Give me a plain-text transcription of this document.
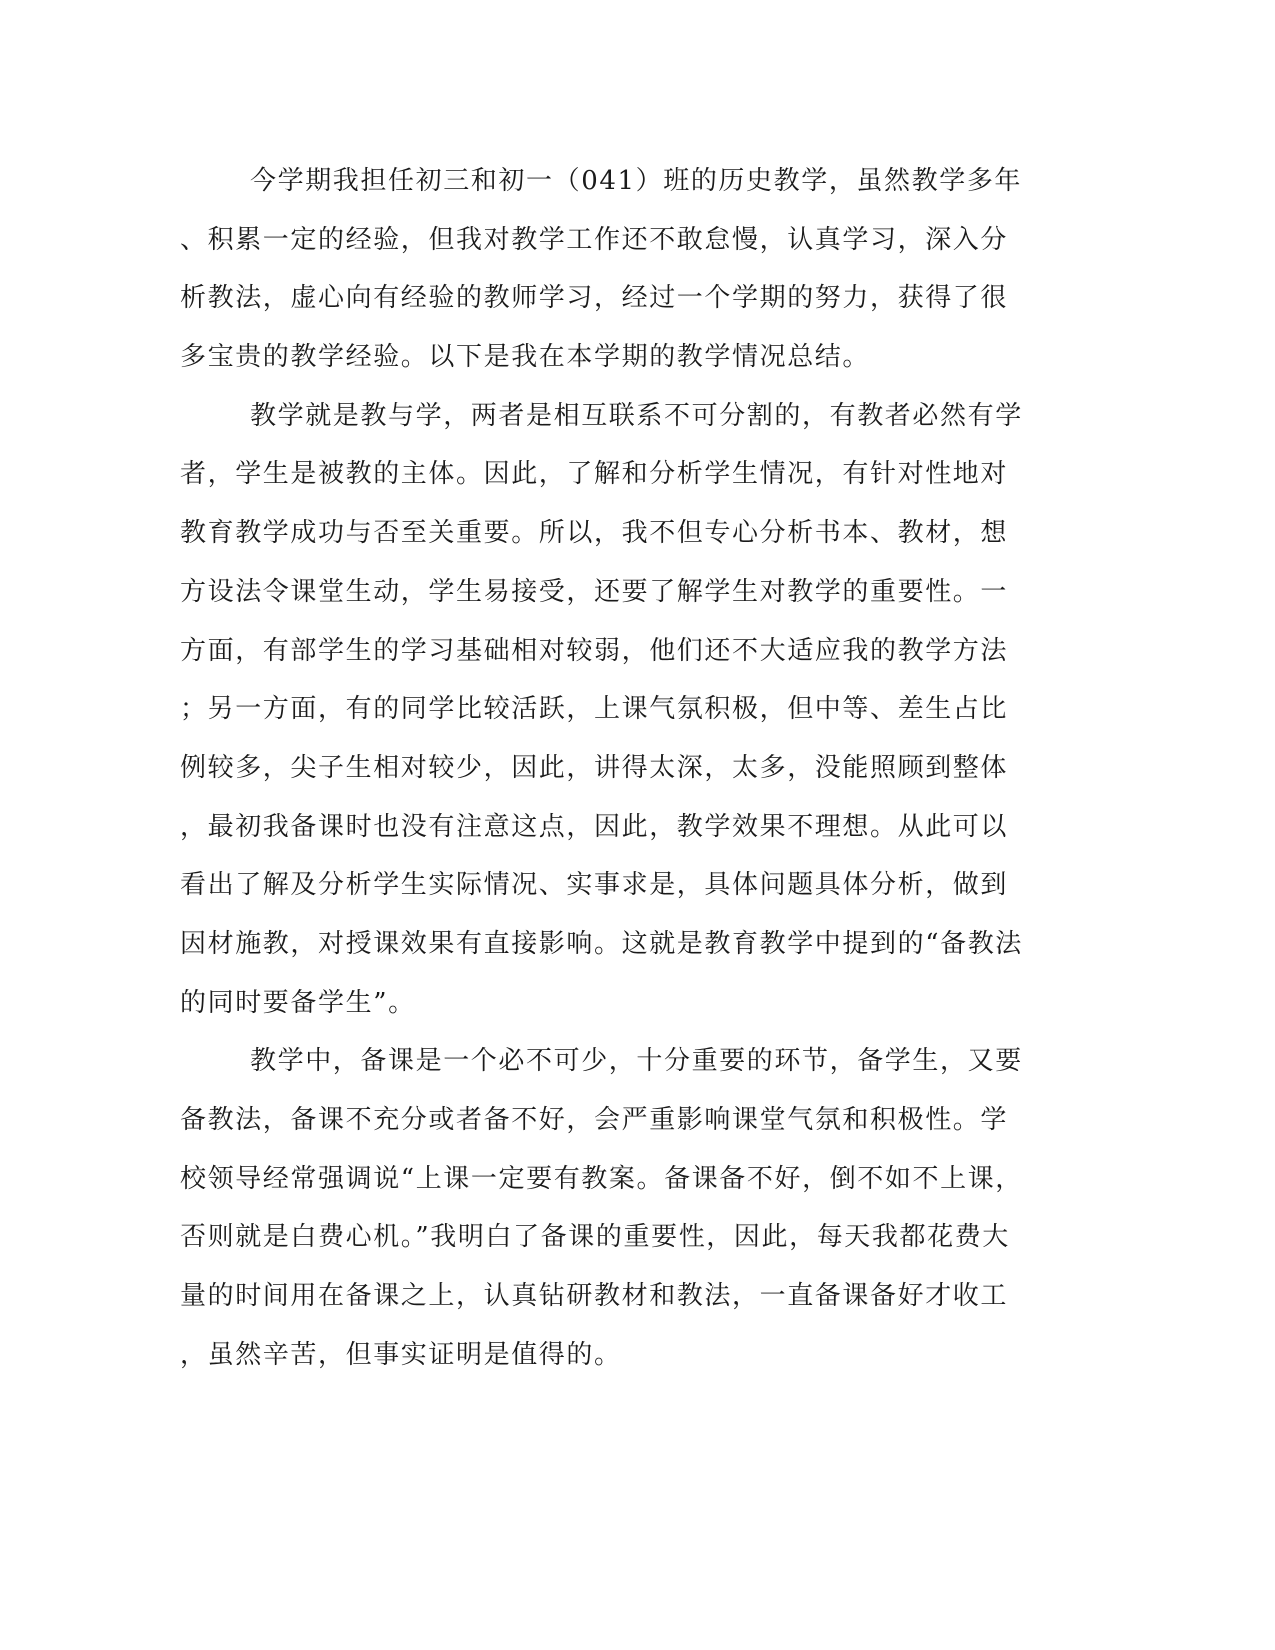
今学期我担任初三和初一（041）班的历史教学，虽然教学多年
、积累一定的经验，但我对教学工作还不敢怠慢，认真学习，深入分
析教法，虚心向有经验的教师学习，经过一个学期的努力，获得了很
多宝贵的教学经验。以下是我在本学期的教学情况总结。
教学就是教与学，两者是相互联系不可分割的，有教者必然有学
者，学生是被教的主体。因此，了解和分析学生情况，有针对性地对
教育教学成功与否至关重要。所以，我不但专心分析书本、教材，想
方设法令课堂生动，学生易接受，还要了解学生对教学的重要性。一
方面，有部学生的学习基础相对较弱，他们还不大适应我的教学方法
；另一方面，有的同学比较活跃，上课气氛积极，但中等、差生占比
例较多，尖子生相对较少，因此，讲得太深，太多，没能照顾到整体
，最初我备课时也没有注意这点，因此，教学效果不理想。从此可以
看出了解及分析学生实际情况、实事求是，具体问题具体分析，做到
因材施教，对授课效果有直接影响。这就是教育教学中提到的“备教法
的同时要备学生”。
教学中，备课是一个必不可少，十分重要的环节，备学生，又要
备教法，备课不充分或者备不好，会严重影响课堂气氛和积极性。学
校领导经常强调说“上课一定要有教案。备课备不好，倒不如不上课，
否则就是白费心机。”我明白了备课的重要性，因此，每天我都花费大
量的时间用在备课之上，认真钻研教材和教法，一直备课备好才收工
，虽然辛苦，但事实证明是值得的。
